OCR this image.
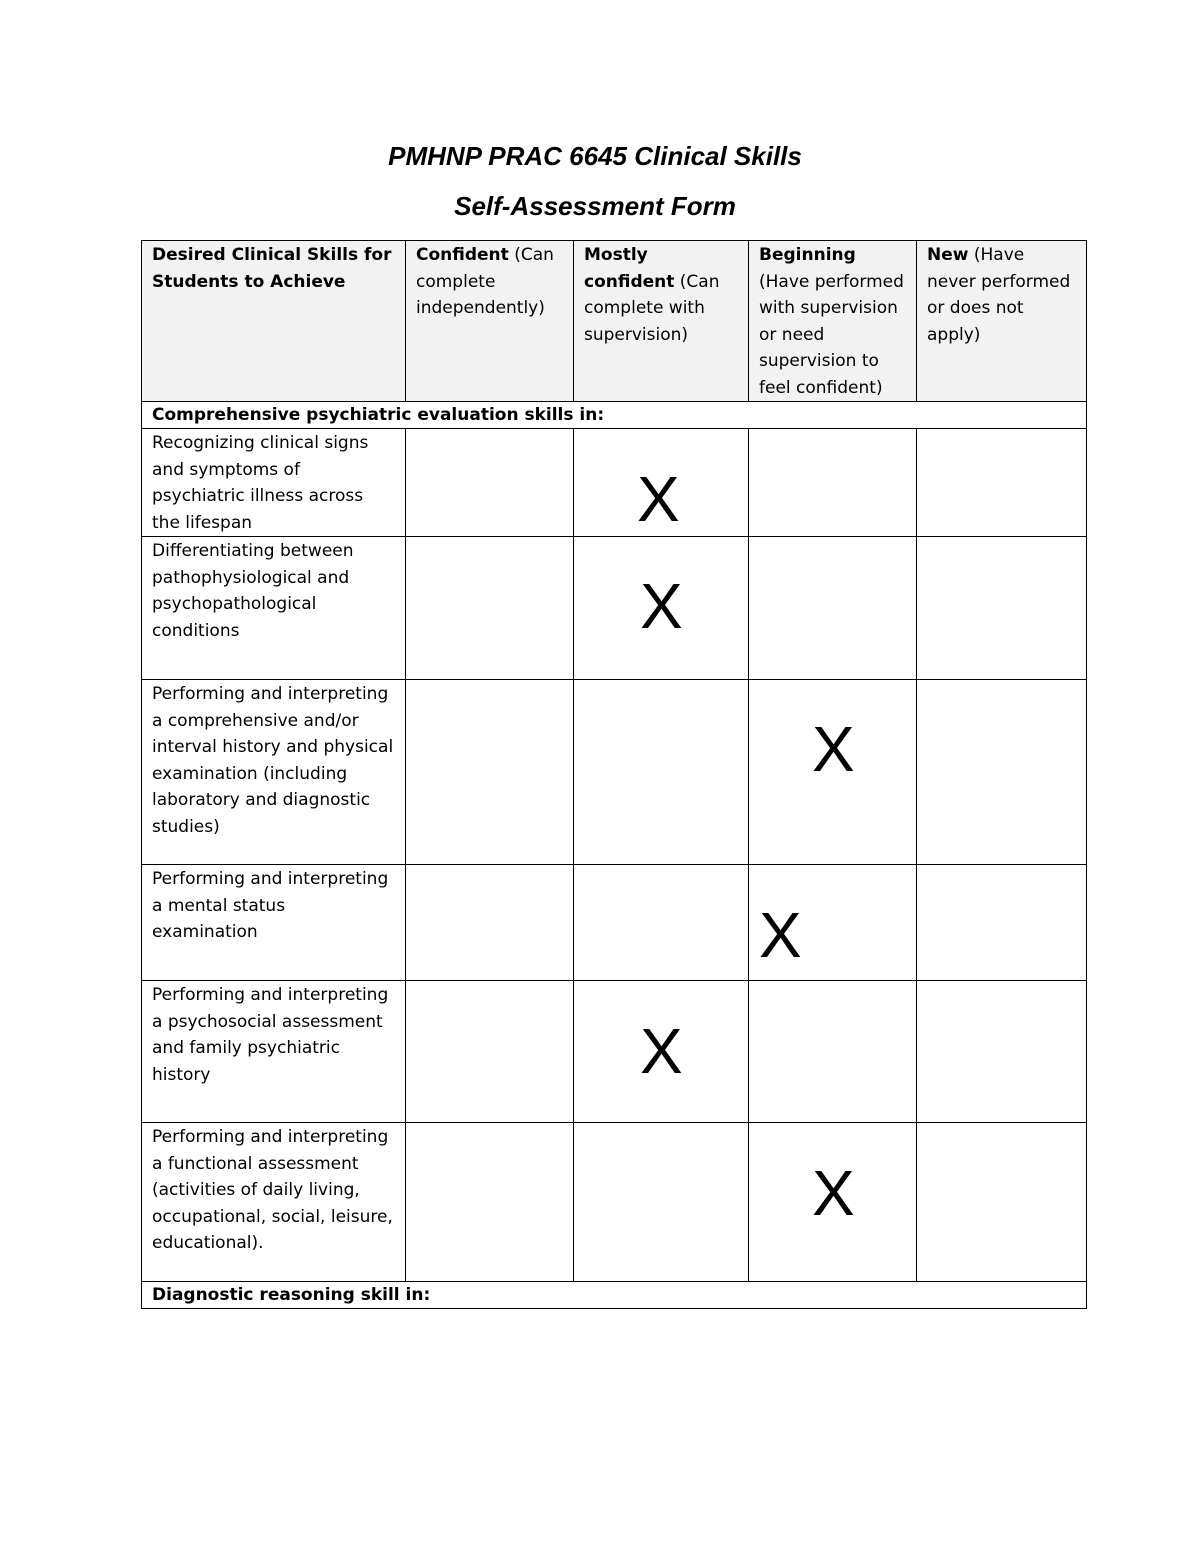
PMHNP PRAC 6645 Clinical Skills
Self-Assessment Form
Desired Clinical Skills for Students to Achieve	Confident (Can complete independently)	Mostly confident (Can complete with supervision)	Beginning (Have performed with supervision or need supervision to feel confident)	New (Have never performed or does not apply)
Comprehensive psychiatric evaluation skills in:				
Recognizing clinical signs and symptoms of psychiatric illness across the lifespan		X		

Differentiating between pathophysiological and psychopathological conditions		X		

Performing and interpreting a comprehensive and/or interval history and physical examination (including laboratory and diagnostic studies)			X	

Performing and interpreting a mental status examination			X	

Performing and interpreting a psychosocial assessment and family psychiatric history		X		

Performing and interpreting a functional assessment (activities of daily living, occupational, social, leisure, educational).			X	

Diagnostic reasoning skill in:				
